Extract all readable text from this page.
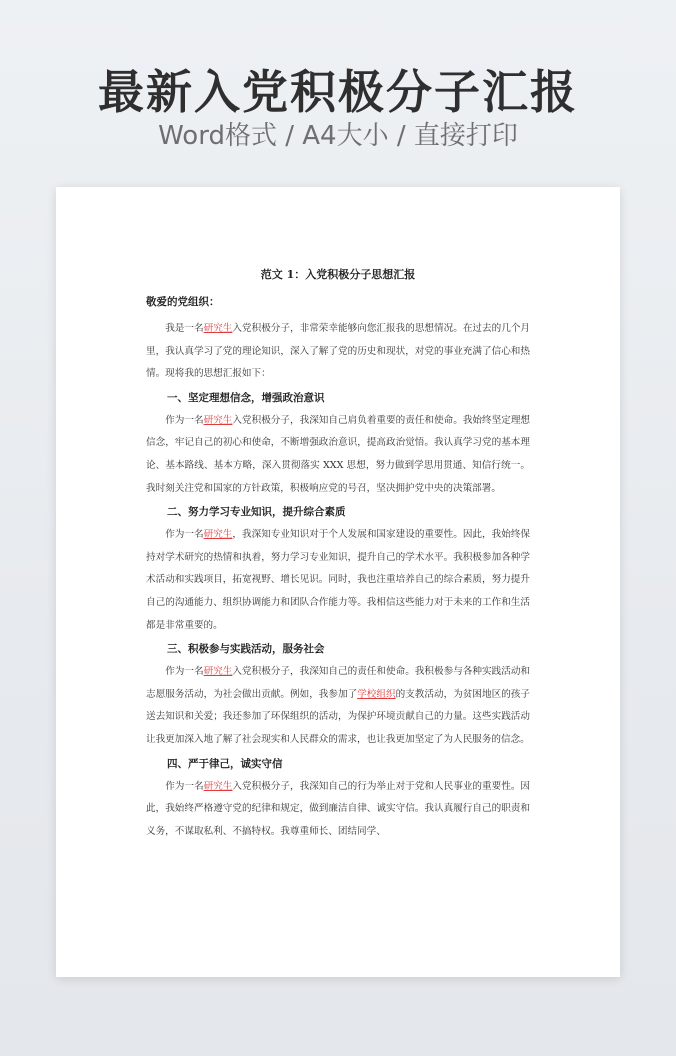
最新入党积极分子汇报
Word格式 / A4大小 / 直接打印
范文 1：入党积极分子思想汇报
敬爱的党组织：

我是一名研究生入党积极分子，非常荣幸能够向您汇报我的思想情况。在过去的几个月里，我认真学习了党的理论知识，深入了解了党的历史和现状，对党的事业充满了信心和热情。现将我的思想汇报如下：

一、坚定理想信念，增强政治意识

作为一名研究生入党积极分子，我深知自己肩负着重要的责任和使命。我始终坚定理想信念，牢记自己的初心和使命，不断增强政治意识，提高政治觉悟。我认真学习党的基本理论、基本路线、基本方略，深入贯彻落实 XXX 思想，努力做到学思用贯通、知信行统一。我时刻关注党和国家的方针政策，积极响应党的号召，坚决拥护党中央的决策部署。

二、努力学习专业知识，提升综合素质

作为一名研究生，我深知专业知识对于个人发展和国家建设的重要性。因此，我始终保持对学术研究的热情和执着，努力学习专业知识，提升自己的学术水平。我积极参加各种学术活动和实践项目，拓宽视野、增长见识。同时，我也注重培养自己的综合素质，努力提升自己的沟通能力、组织协调能力和团队合作能力等。我相信这些能力对于未来的工作和生活都是非常重要的。

三、积极参与实践活动，服务社会

作为一名研究生入党积极分子，我深知自己的责任和使命。我积极参与各种实践活动和志愿服务活动，为社会做出贡献。例如，我参加了学校组织的支教活动，为贫困地区的孩子送去知识和关爱；我还参加了环保组织的活动，为保护环境贡献自己的力量。这些实践活动让我更加深入地了解了社会现实和人民群众的需求，也让我更加坚定了为人民服务的信念。

四、严于律己，诚实守信

作为一名研究生入党积极分子，我深知自己的行为举止对于党和人民事业的重要性。因此，我始终严格遵守党的纪律和规定，做到廉洁自律、诚实守信。我认真履行自己的职责和义务，不谋取私利、不搞特权。我尊重师长、团结同学、
